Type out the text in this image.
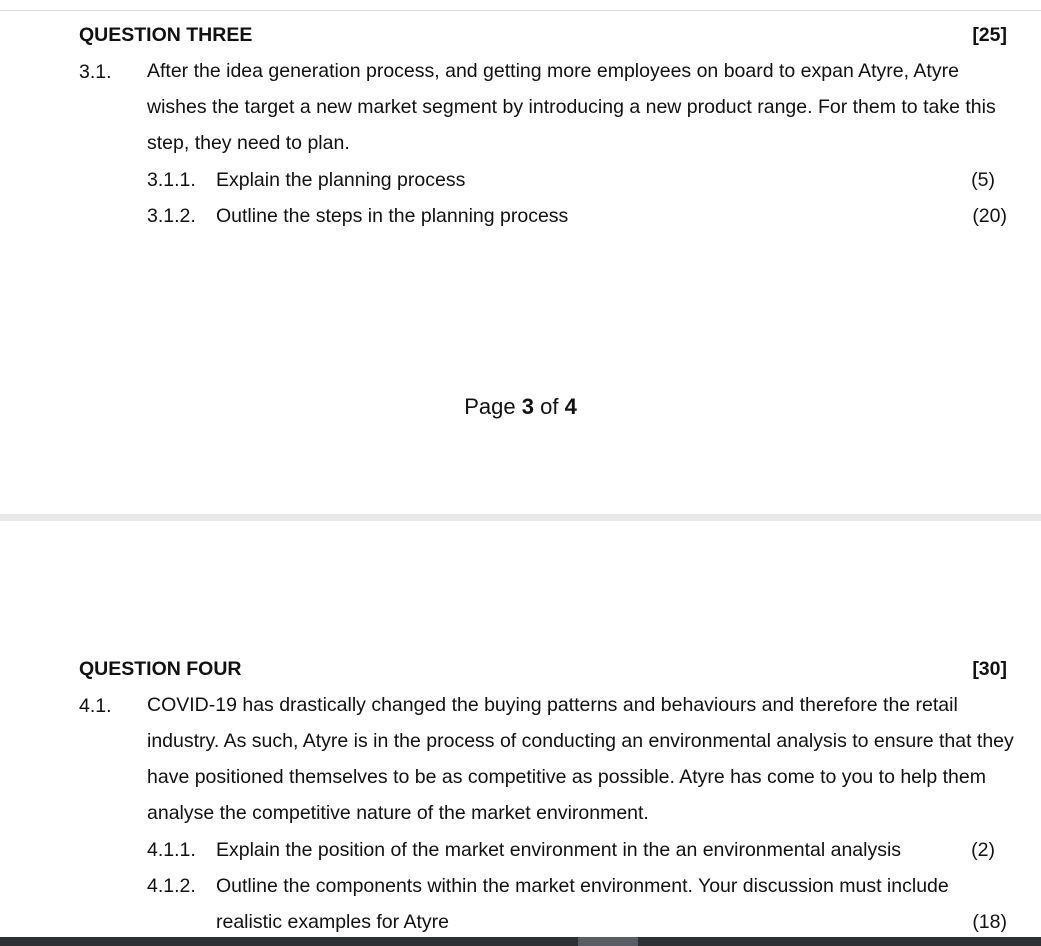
QUESTION THREE	[25]
3.1. After the idea generation process, and getting more employees on board to expan Atyre, Atyre wishes the target a new market segment by introducing a new product range. For them to take this step, they need to plan.
3.1.1. Explain the planning process	(5)
3.1.2. Outline the steps in the planning process	(20)
Page 3 of 4
QUESTION FOUR	[30]
4.1. COVID-19 has drastically changed the buying patterns and behaviours and therefore the retail industry. As such, Atyre is in the process of conducting an environmental analysis to ensure that they have positioned themselves to be as competitive as possible. Atyre has come to you to help them analyse the competitive nature of the market environment.
4.1.1. Explain the position of the market environment in the an environmental analysis	(2)
4.1.2. Outline the components within the market environment. Your discussion must include
realistic examples for Atyre	(18)
